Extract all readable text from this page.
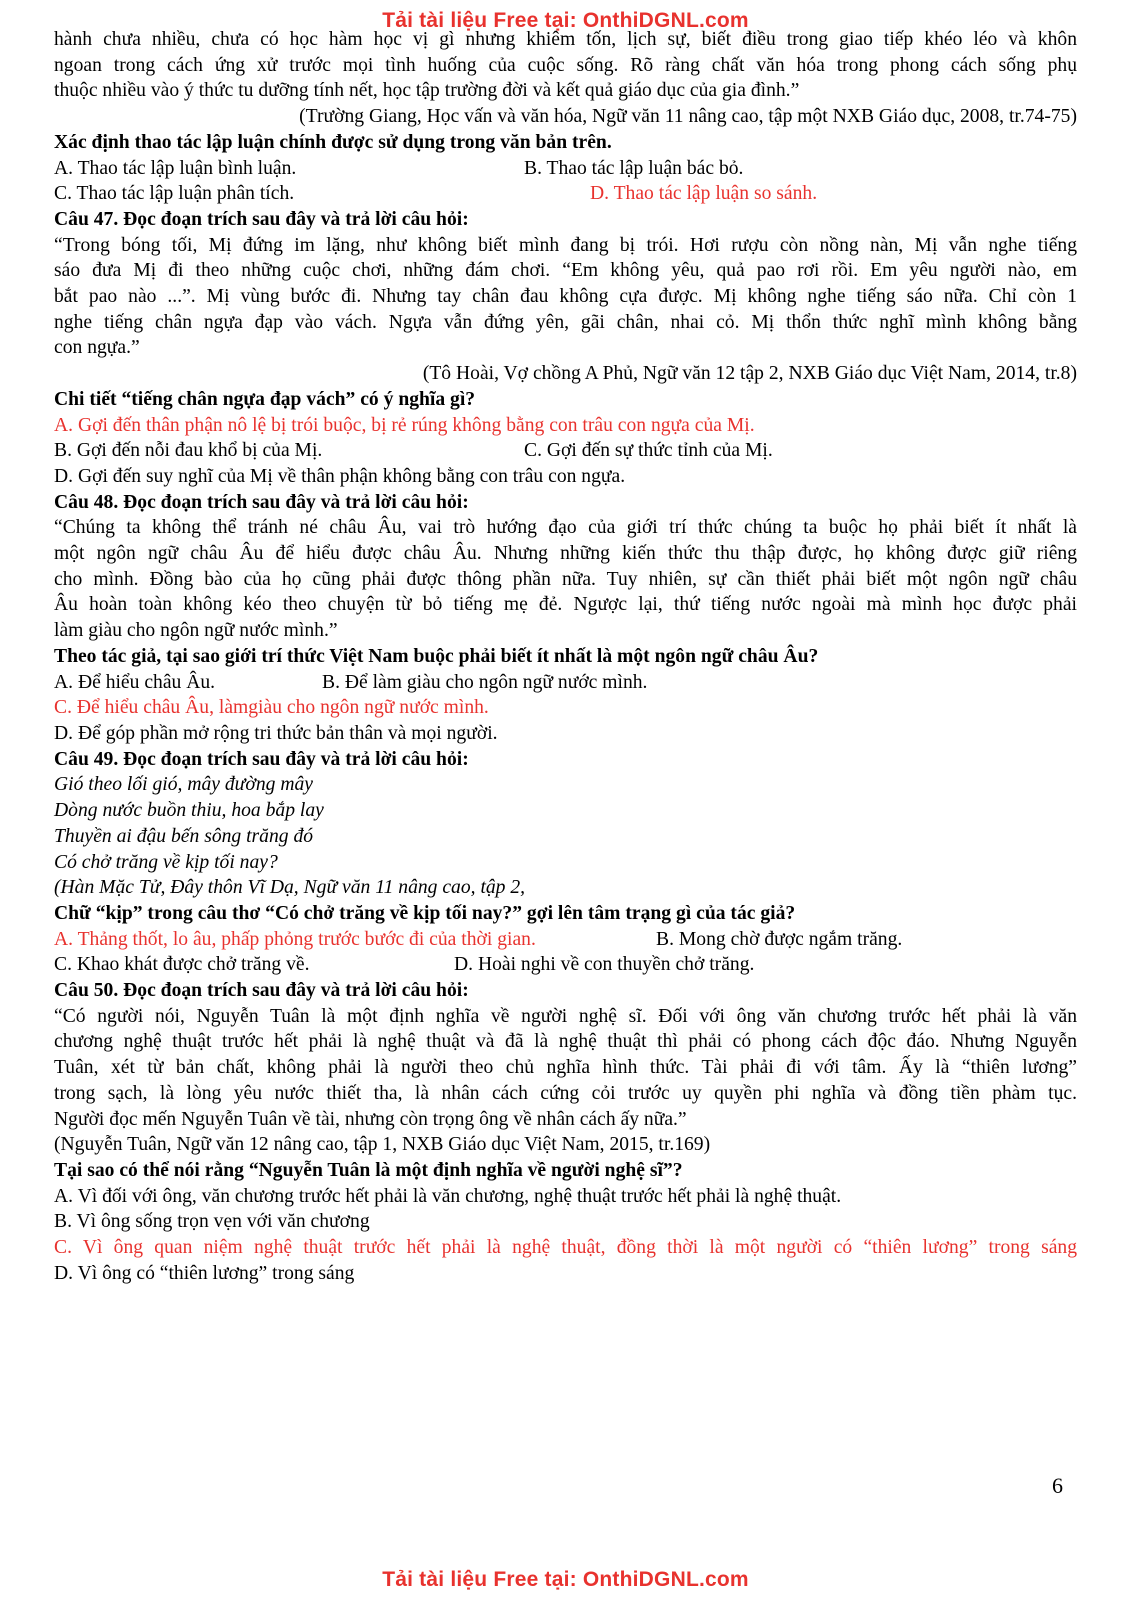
Tải tài liệu Free tại: OnthiDGNL.com
hành chưa nhiều, chưa có học hàm học vị gì nhưng khiêm tốn, lịch sự, biết điều trong giao tiếp khéo léo và khôn
ngoan trong cách ứng xử trước mọi tình huống của cuộc sống. Rõ ràng chất văn hóa trong phong cách sống phụ
thuộc nhiều vào ý thức tu dưỡng tính nết, học tập trường đời và kết quả giáo dục của gia đình.”
(Trường Giang, Học vấn và văn hóa, Ngữ văn 11 nâng cao, tập một NXB Giáo dục, 2008, tr.74-75)
Xác định thao tác lập luận chính được sử dụng trong văn bản trên.
A. Thao tác lập luận bình luận.	B. Thao tác lập luận bác bỏ.
C. Thao tác lập luận phân tích.	D. Thao tác lập luận so sánh.
Câu 47. Đọc đoạn trích sau đây và trả lời câu hỏi:
“Trong bóng tối, Mị đứng im lặng, như không biết mình đang bị trói. Hơi rượu còn nồng nàn, Mị vẫn nghe tiếng
sáo đưa Mị đi theo những cuộc chơi, những đám chơi. “Em không yêu, quả pao rơi rồi. Em yêu người nào, em
bắt pao nào ...”. Mị vùng bước đi. Nhưng tay chân đau không cựa được. Mị không nghe tiếng sáo nữa. Chỉ còn 1
nghe tiếng chân ngựa đạp vào vách. Ngựa vẫn đứng yên, gãi chân, nhai cỏ. Mị thổn thức nghĩ mình không bằng
con ngựa.”
(Tô Hoài, Vợ chồng A Phủ, Ngữ văn 12 tập 2, NXB Giáo dục Việt Nam, 2014, tr.8)
Chi tiết “tiếng chân ngựa đạp vách” có ý nghĩa gì?
A. Gợi đến thân phận nô lệ bị trói buộc, bị rẻ rúng không bằng con trâu con ngựa của Mị.
B. Gợi đến nỗi đau khổ bị của Mị.	C. Gợi đến sự thức tỉnh của Mị.
D. Gợi đến suy nghĩ của Mị về thân phận không bằng con trâu con ngựa.
Câu 48. Đọc đoạn trích sau đây và trả lời câu hỏi:
“Chúng ta không thể tránh né châu Âu, vai trò hướng đạo của giới trí thức chúng ta buộc họ phải biết ít nhất là
một ngôn ngữ châu Âu để hiểu được châu Âu. Nhưng những kiến thức thu thập được, họ không được giữ riêng
cho mình. Đồng bào của họ cũng phải được thông phần nữa. Tuy nhiên, sự cần thiết phải biết một ngôn ngữ châu
Âu hoàn toàn không kéo theo chuyện từ bỏ tiếng mẹ đẻ. Ngược lại, thứ tiếng nước ngoài mà mình học được phải
làm giàu cho ngôn ngữ nước mình.”
Theo tác giả, tại sao giới trí thức Việt Nam buộc phải biết ít nhất là một ngôn ngữ châu Âu?
A. Để hiểu châu Âu.	B. Để làm giàu cho ngôn ngữ nước mình.
C. Để hiểu châu Âu, làmgiàu cho ngôn ngữ nước mình.
D. Để góp phần mở rộng tri thức bản thân và mọi người.
Câu 49. Đọc đoạn trích sau đây và trả lời câu hỏi:
Gió theo lối gió, mây đường mây
Dòng nước buồn thiu, hoa bắp lay
Thuyền ai đậu bến sông trăng đó
Có chở trăng về kịp tối nay?
(Hàn Mặc Tử, Đây thôn Vĩ Dạ, Ngữ văn 11 nâng cao, tập 2,
Chữ “kịp” trong câu thơ “Có chở trăng về kịp tối nay?” gợi lên tâm trạng gì của tác giả?
A. Thảng thốt, lo âu, phấp phỏng trước bước đi của thời gian.	B. Mong chờ được ngắm trăng.
C. Khao khát được chở trăng về.	D. Hoài nghi về con thuyền chở trăng.
Câu 50. Đọc đoạn trích sau đây và trả lời câu hỏi:
“Có người nói, Nguyễn Tuân là một định nghĩa về người nghệ sĩ. Đối với ông văn chương trước hết phải là văn
chương nghệ thuật trước hết phải là nghệ thuật và đã là nghệ thuật thì phải có phong cách độc đáo. Nhưng Nguyễn
Tuân, xét từ bản chất, không phải là người theo chủ nghĩa hình thức. Tài phải đi với tâm. Ấy là “thiên lương”
trong sạch, là lòng yêu nước thiết tha, là nhân cách cứng cỏi trước uy quyền phi nghĩa và đồng tiền phàm tục.
Người đọc mến Nguyễn Tuân về tài, nhưng còn trọng ông về nhân cách ấy nữa.”
(Nguyễn Tuân, Ngữ văn 12 nâng cao, tập 1, NXB Giáo dục Việt Nam, 2015, tr.169)
Tại sao có thể nói rằng “Nguyễn Tuân là một định nghĩa về người nghệ sĩ”?
A. Vì đối với ông, văn chương trước hết phải là văn chương, nghệ thuật trước hết phải là nghệ thuật.
B. Vì ông sống trọn vẹn với văn chương
C. Vì ông quan niệm nghệ thuật trước hết phải là nghệ thuật, đồng thời là một người có “thiên lương” trong sáng
D. Vì ông có “thiên lương” trong sáng
6
Tải tài liệu Free tại: OnthiDGNL.com
